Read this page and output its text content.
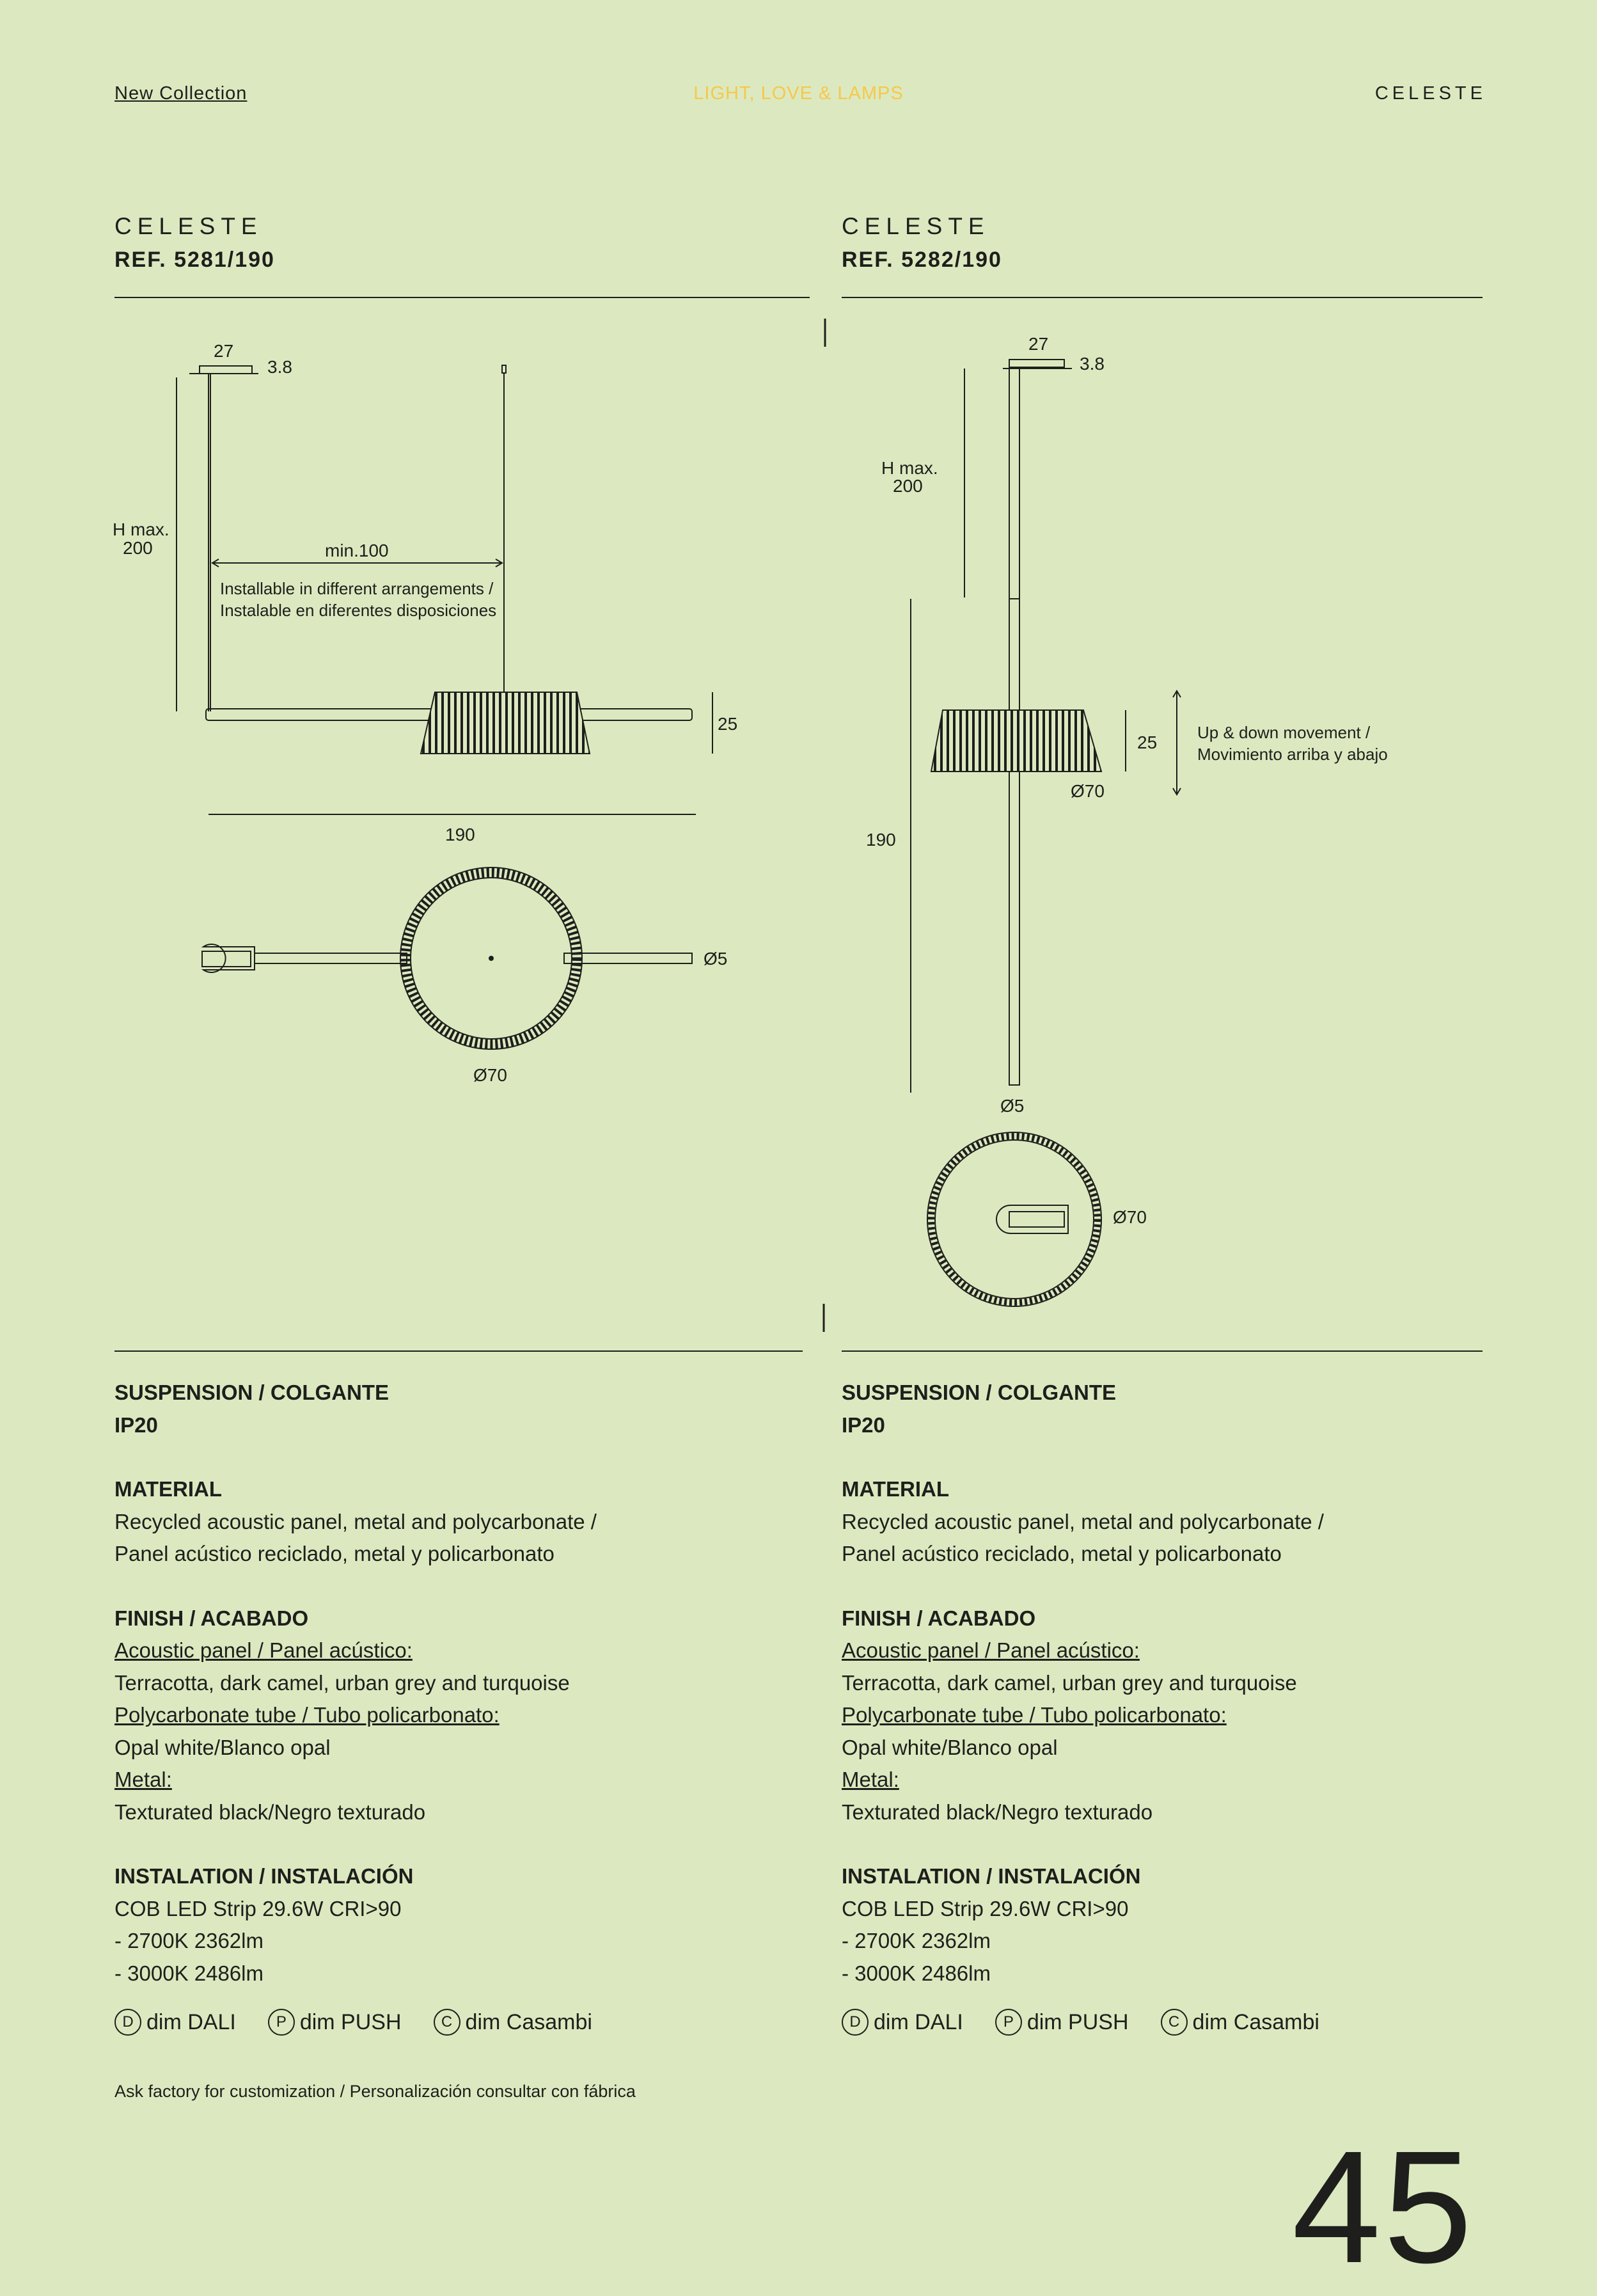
New Collection	LIGHT, LOVE & LAMPS	CELESTE
CELESTE
REF. 5281/190
CELESTE
REF. 5282/190
27
3.8
H max.
200	min.100
Installable in different arrangements /
Instalable en diferentes disposiciones
25
190
Ø5
Ø70
27
3.8
H max.
200
25 Up & down movement /
Movimiento arriba y abajo
Ø70
190
Ø5
Ø70
SUSPENSION / COLGANTE
IP20
MATERIAL
Recycled acoustic panel, metal and polycarbonate /
Panel acústico reciclado, metal y policarbonato
FINISH / ACABADO
Acoustic panel / Panel acústico:
Terracotta, dark camel, urban grey and turquoise
Polycarbonate tube / Tubo policarbonato:
Opal white/Blanco opal
Metal:
Texturated black/Negro texturado
INSTALATION / INSTALACIÓN
COB LED Strip 29.6W CRI>90
- 2700K 2362lm
- 3000K 2486lm
D dim DALI	P dim PUSH	C dim Casambi
SUSPENSION / COLGANTE
IP20
MATERIAL
Recycled acoustic panel, metal and polycarbonate /
Panel acústico reciclado, metal y policarbonato
FINISH / ACABADO
Acoustic panel / Panel acústico:
Terracotta, dark camel, urban grey and turquoise
Polycarbonate tube / Tubo policarbonato:
Opal white/Blanco opal
Metal:
Texturated black/Negro texturado
INSTALATION / INSTALACIÓN
COB LED Strip 29.6W CRI>90
- 2700K 2362lm
- 3000K 2486lm
D dim DALI	P dim PUSH	C dim Casambi
Ask factory for customization / Personalización consultar con fábrica
45
